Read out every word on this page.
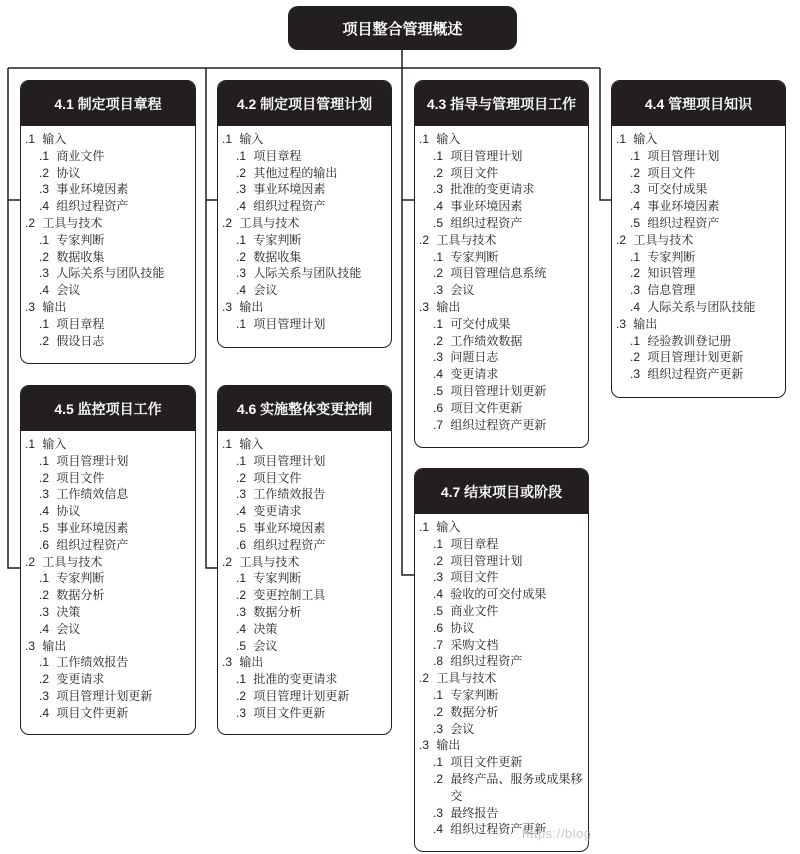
项目整合管理概述
4.1 制定项目章程
.1 输入
.1 商业文件
.2 协议
.3 事业环境因素
.4 组织过程资产
.2 工具与技术
.1 专家判断
.2 数据收集
.3 人际关系与团队技能
.4 会议
.3 输出
.1 项目章程
.2 假设日志
4.2 制定项目管理计划
.1 输入
.1 项目章程
.2 其他过程的输出
.3 事业环境因素
.4 组织过程资产
.2 工具与技术
.1 专家判断
.2 数据收集
.3 人际关系与团队技能
.4 会议
.3 输出
.1 项目管理计划
4.3 指导与管理项目工作
.1 输入
.1 项目管理计划
.2 项目文件
.3 批准的变更请求
.4 事业环境因素
.5 组织过程资产
.2 工具与技术
.1 专家判断
.2 项目管理信息系统
.3 会议
.3 输出
.1 可交付成果
.2 工作绩效数据
.3 问题日志
.4 变更请求
.5 项目管理计划更新
.6 项目文件更新
.7 组织过程资产更新
4.4 管理项目知识
.1 输入
.1 项目管理计划
.2 项目文件
.3 可交付成果
.4 事业环境因素
.5 组织过程资产
.2 工具与技术
.1 专家判断
.2 知识管理
.3 信息管理
.4 人际关系与团队技能
.3 输出
.1 经验教训登记册
.2 项目管理计划更新
.3 组织过程资产更新
4.5 监控项目工作
.1 输入
.1 项目管理计划
.2 项目文件
.3 工作绩效信息
.4 协议
.5 事业环境因素
.6 组织过程资产
.2 工具与技术
.1 专家判断
.2 数据分析
.3 决策
.4 会议
.3 输出
.1 工作绩效报告
.2 变更请求
.3 项目管理计划更新
.4 项目文件更新
4.6 实施整体变更控制
.1 输入
.1 项目管理计划
.2 项目文件
.3 工作绩效报告
.4 变更请求
.5 事业环境因素
.6 组织过程资产
.2 工具与技术
.1 专家判断
.2 变更控制工具
.3 数据分析
.4 决策
.5 会议
.3 输出
.1 批准的变更请求
.2 项目管理计划更新
.3 项目文件更新
4.7 结束项目或阶段
.1 输入
.1 项目章程
.2 项目管理计划
.3 项目文件
.4 验收的可交付成果
.5 商业文件
.6 协议
.7 采购文档
.8 组织过程资产
.2 工具与技术
.1 专家判断
.2 数据分析
.3 会议
.3 输出
.1 项目文件更新
.2 最终产品、服务或成果移交
.3 最终报告
.4 组织过程资产更新
https://blog
